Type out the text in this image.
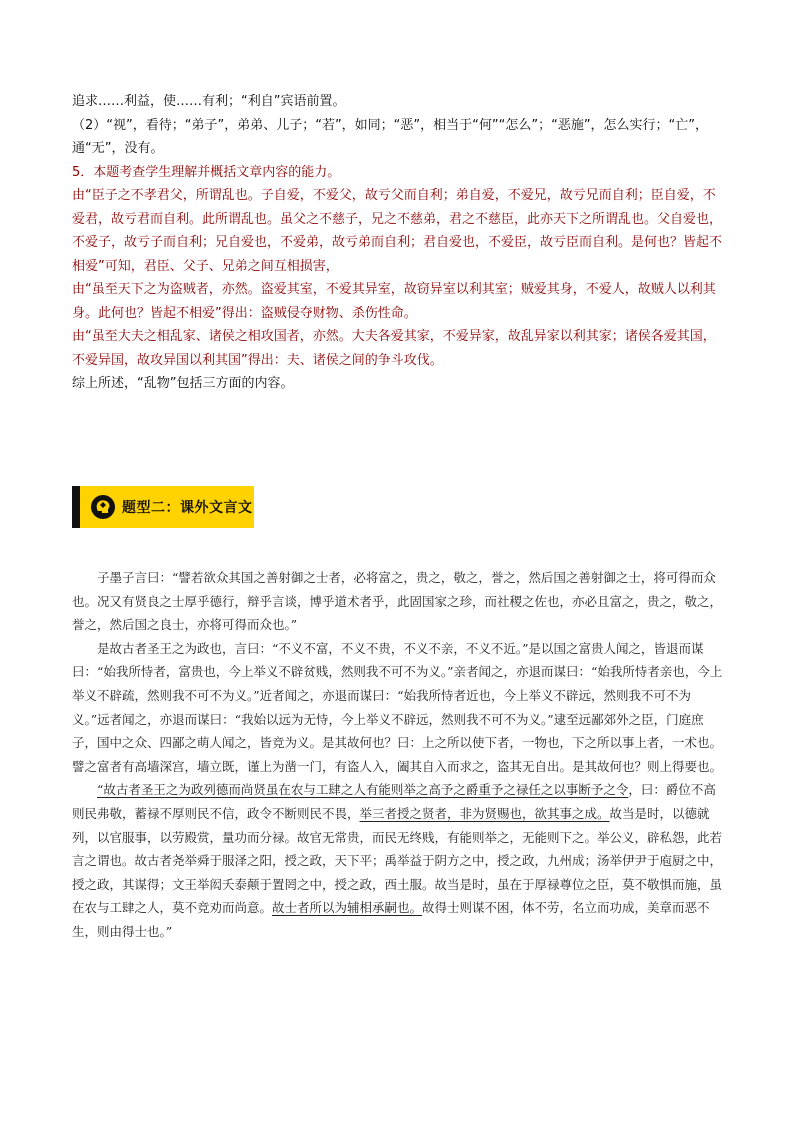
追求……利益，使……有利；“利自”宾语前置。

（2）“视”，看待；“弟子”，弟弟、儿子；“若”，如同；“恶”，相当于“何”“怎么”；“恶施”，怎么实行；“亡”，通“无”，没有。

5．本题考查学生理解并概括文章内容的能力。

由“臣子之不孝君父，所谓乱也。子自爱，不爱父，故亏父而自利；弟自爱，不爱兄，故亏兄而自利；臣自爱，不爱君，故亏君而自利。此所谓乱也。虽父之不慈子，兄之不慈弟，君之不慈臣，此亦天下之所谓乱也。父自爱也，不爱子，故亏子而自利；兄自爱也，不爱弟，故亏弟而自利；君自爱也，不爱臣，故亏臣而自利。是何也？皆起不相爱”可知，君臣、父子、兄弟之间互相损害，

由“虽至天下之为盗贼者，亦然。盗爱其室，不爱其异室，故窃异室以利其室；贼爱其身，不爱人，故贼人以利其身。此何也？皆起不相爱”得出：盗贼侵夺财物、杀伤性命。

由“虽至大夫之相乱家、诸侯之相攻国者，亦然。大夫各爱其家，不爱异家，故乱异家以利其家；诸侯各爱其国，不爱异国，故攻异国以利其国”得出：夫、诸侯之间的争斗攻伐。

综上所述，“乱物”包括三方面的内容。

题型二：课外文言文

子墨子言曰：“譬若欲众其国之善射御之士者，必将富之，贵之，敬之，誉之，然后国之善射御之士，将可得而众也。况又有贤良之士厚乎德行，辩乎言谈，博乎道术者乎，此固国家之珍，而社稷之佐也，亦必且富之，贵之，敬之，誉之，然后国之良士，亦将可得而众也。”

是故古者圣王之为政也，言曰：“不义不富，不义不贵，不义不亲，不义不近。”是以国之富贵人闻之，皆退而谋曰：“始我所恃者，富贵也，今上举义不辟贫贱，然则我不可不为义。”亲者闻之，亦退而谋曰：“始我所恃者亲也，今上举义不辟疏，然则我不可不为义。”近者闻之，亦退而谋曰：“始我所恃者近也，今上举义不辟远，然则我不可不为义。”远者闻之，亦退而谋曰：“我始以远为无恃，今上举义不辟远，然则我不可不为义。”逮至远鄙郊外之臣，门庭庶子，国中之众、四鄙之萌人闻之，皆竞为义。是其故何也？曰：上之所以使下者，一物也，下之所以事上者，一术也。譬之富者有高墙深宫，墙立既，谨上为凿一门，有盗人入，阖其自入而求之，盗其无自出。是其故何也？则上得要也。

“故古者圣王之为政列德而尚贤虽在农与工肆之人有能则举之高予之爵重予之禄任之以事断予之令，曰：爵位不高则民弗敬，蓄禄不厚则民不信，政令不断则民不畏，举三者授之贤者，非为贤赐也，欲其事之成。故当是时，以德就列，以官服事，以劳殿赏，量功而分禄。故官无常贵，而民无终贱，有能则举之，无能则下之。举公义，辟私怨，此若言之谓也。故古者尧举舜于服泽之阳，授之政，天下平；禹举益于阴方之中，授之政，九州成；汤举伊尹于庖厨之中，授之政，其谋得；文王举闳夭泰颠于置罔之中，授之政，西土服。故当是时，虽在于厚禄尊位之臣，莫不敬惧而施，虽在农与工肆之人，莫不竞劝而尚意。故士者所以为辅相承嗣也。故得士则谋不困，体不劳，名立而功成，美章而恶不生，则由得士也。”
